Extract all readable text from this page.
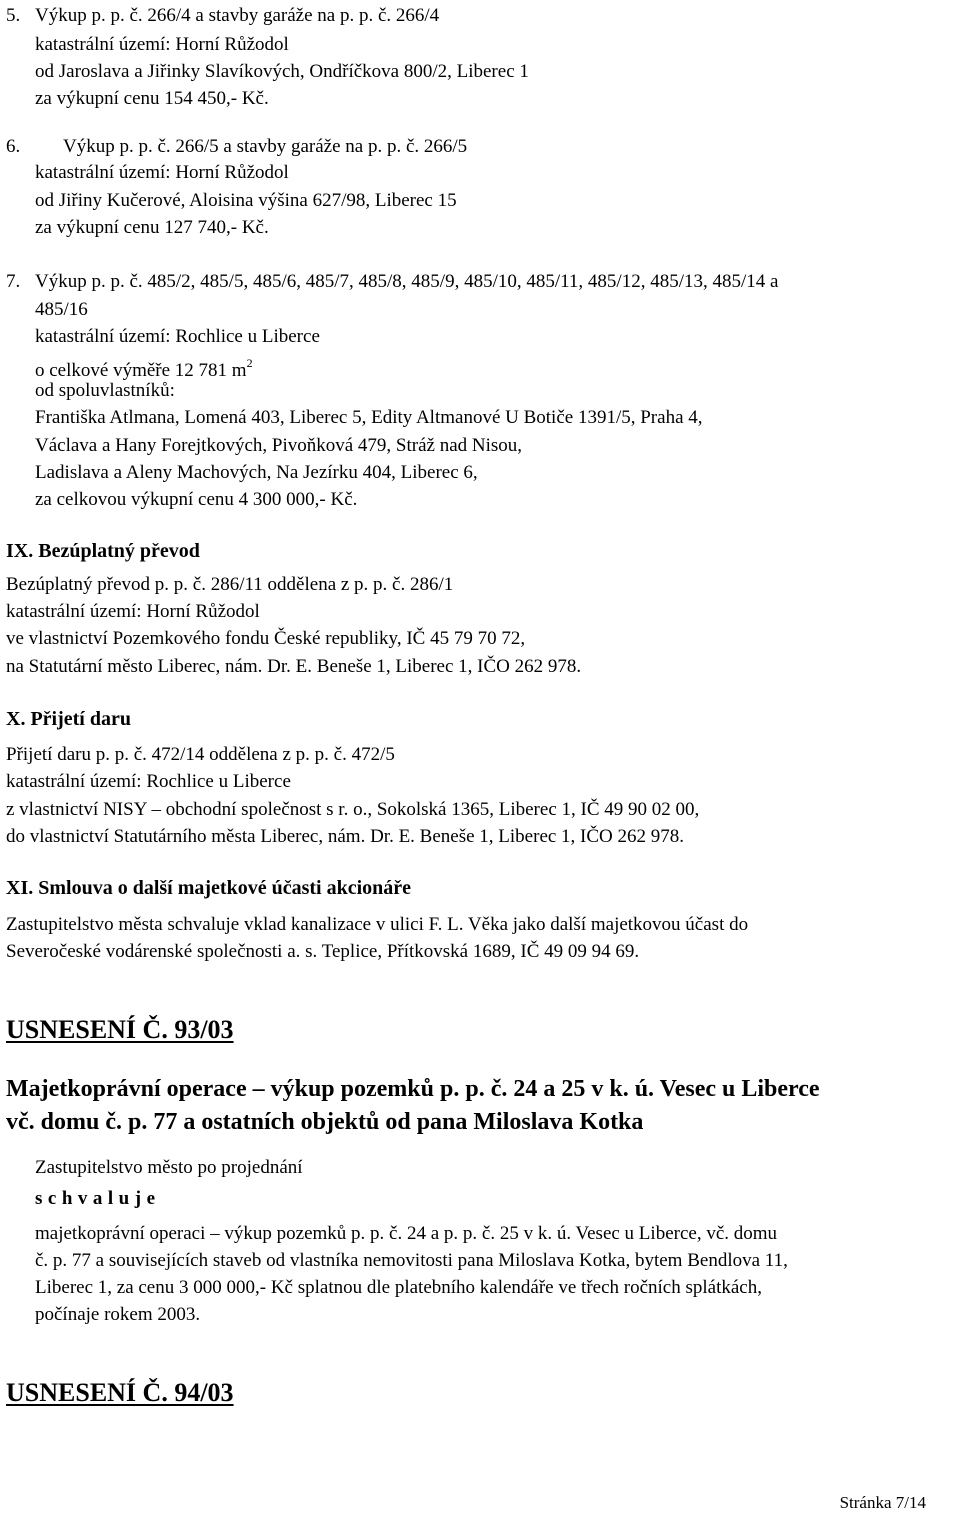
5. Výkup p. p. č. 266/4 a stavby garáže na p. p. č. 266/4
katastrální území: Horní Růžodol
od Jaroslava a Jiřinky Slavíkových, Ondříčkova 800/2, Liberec 1
za výkupní cenu 154 450,- Kč.
6. Výkup p. p. č. 266/5 a stavby garáže na p. p. č. 266/5
katastrální území: Horní Růžodol
od Jiřiny Kučerové, Aloisina výšina 627/98, Liberec 15
za výkupní cenu 127 740,- Kč.
7. Výkup p. p. č. 485/2, 485/5, 485/6, 485/7, 485/8, 485/9, 485/10, 485/11, 485/12, 485/13, 485/14 a
485/16
katastrální území: Rochlice u Liberce
o celkové výměře 12 781 $m^2$
od spoluvlastníků:
Františka Atlmana, Lomená 403, Liberec 5, Edity Altmanové U Botiče 1391/5, Praha 4,
Václava a Hany Forejtkových, Pivoňková 479, Stráž nad Nisou,
Ladislava a Aleny Machových, Na Jezírku 404, Liberec 6,
za celkovou výkupní cenu 4 300 000,- Kč.
IX. Bezúplatný převod
Bezúplatný převod p. p. č. 286/11 oddělena z p. p. č. 286/1
katastrální území: Horní Růžodol
ve vlastnictví Pozemkového fondu České republiky, IČ 45 79 70 72,
na Statutární město Liberec, nám. Dr. E. Beneše 1, Liberec 1, IČO 262 978.
X. Přijetí daru
Přijetí daru p. p. č. 472/14 oddělena z p. p. č. 472/5
katastrální území: Rochlice u Liberce
z vlastnictví NISY – obchodní společnost s r. o., Sokolská 1365, Liberec 1, IČ 49 90 02 00,
do vlastnictví Statutárního města Liberec, nám. Dr. E. Beneše 1, Liberec 1, IČO 262 978.
XI. Smlouva o další majetkové účasti akcionáře
Zastupitelstvo města schvaluje vklad kanalizace v ulici F. L. Věka jako další majetkovou účast do
Severočeské vodárenské společnosti a. s. Teplice, Přítkovská 1689, IČ 49 09 94 69.
USNESENÍ Č. 93/03
Majetkoprávní operace – výkup pozemků p. p. č. 24 a 25 v k. ú. Vesec u Liberce
vč. domu č. p. 77 a ostatních objektů od pana Miloslava Kotka
Zastupitelstvo město po projednání
schvaluje
majetkoprávní operaci – výkup pozemků p. p. č. 24 a p. p. č. 25 v k. ú. Vesec u Liberce, vč. domu
č. p. 77 a souvisejících staveb od vlastníka nemovitosti pana Miloslava Kotka, bytem Bendlova 11,
Liberec 1, za cenu 3 000 000,- Kč splatnou dle platebního kalendáře ve třech ročních splátkách,
počínaje rokem 2003.
USNESENÍ Č. 94/03
Stránka 7/14
